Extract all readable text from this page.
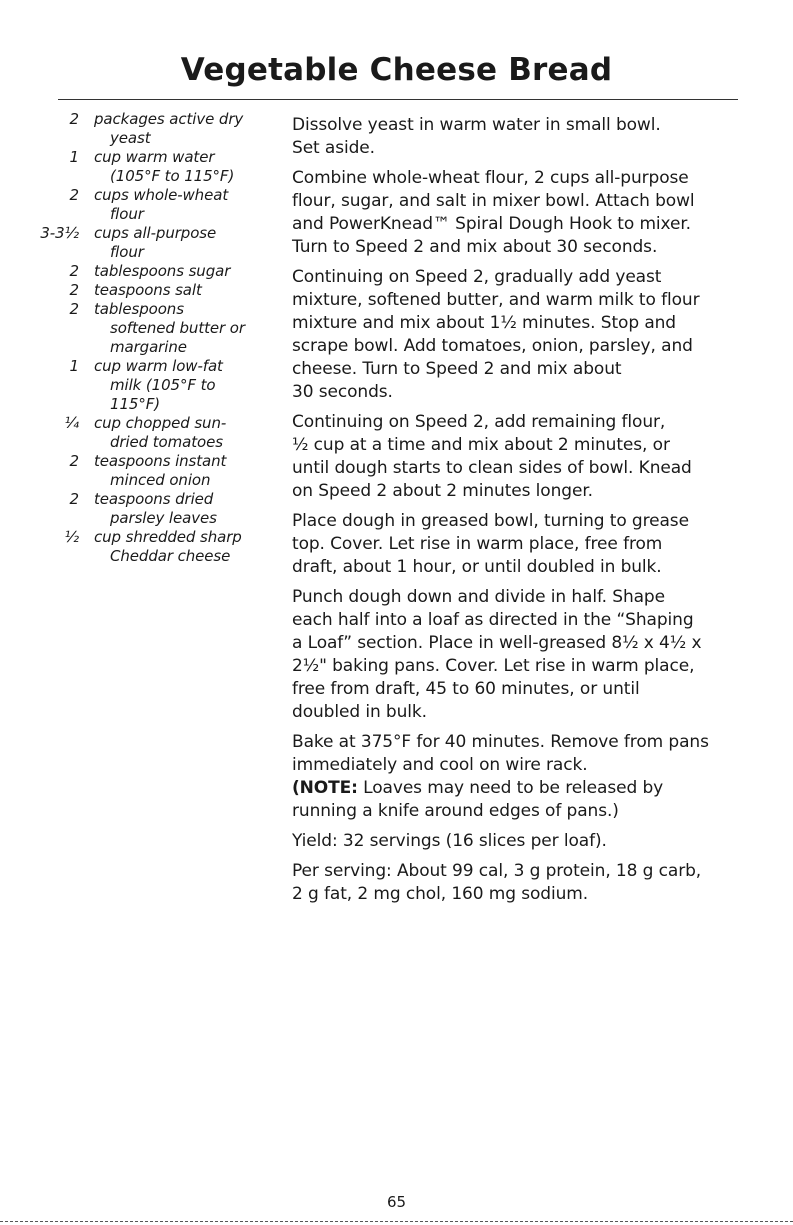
Vegetable Cheese Bread
2	packages active dry
yeast
1	cup warm water
(105°F to 115°F)
2	cups whole-wheat
flour
3-3½	cups all-purpose
flour
2	tablespoons sugar
2	teaspoons salt
2	tablespoons
softened butter or
margarine
1	cup warm low-fat
milk (105°F to
115°F)
¼	cup chopped sun-
dried tomatoes
2	teaspoons instant
minced onion
2	teaspoons dried
parsley leaves
½	cup shredded sharp
Cheddar cheese
Dissolve yeast in warm water in small bowl.
Set aside.
Combine whole-wheat flour, 2 cups all-purpose
flour, sugar, and salt in mixer bowl. Attach bowl
and PowerKnead™ Spiral Dough Hook to mixer.
Turn to Speed 2 and mix about 30 seconds.
Continuing on Speed 2, gradually add yeast
mixture, softened butter, and warm milk to flour
mixture and mix about 1½ minutes. Stop and
scrape bowl. Add tomatoes, onion, parsley, and
cheese. Turn to Speed 2 and mix about
30 seconds.
Continuing on Speed 2, add remaining flour,
½ cup at a time and mix about 2 minutes, or
until dough starts to clean sides of bowl. Knead
on Speed 2 about 2 minutes longer.
Place dough in greased bowl, turning to grease
top. Cover. Let rise in warm place, free from
draft, about 1 hour, or until doubled in bulk.
Punch dough down and divide in half. Shape
each half into a loaf as directed in the “Shaping
a Loaf” section. Place in well-greased 8½ x 4½ x
2½" baking pans. Cover. Let rise in warm place,
free from draft, 45 to 60 minutes, or until
doubled in bulk.
Bake at 375°F for 40 minutes. Remove from pans
immediately and cool on wire rack.
(NOTE: Loaves may need to be released by
running a knife around edges of pans.)
Yield: 32 servings (16 slices per loaf).
Per serving: About 99 cal, 3 g protein, 18 g carb,
2 g fat, 2 mg chol, 160 mg sodium.
65
